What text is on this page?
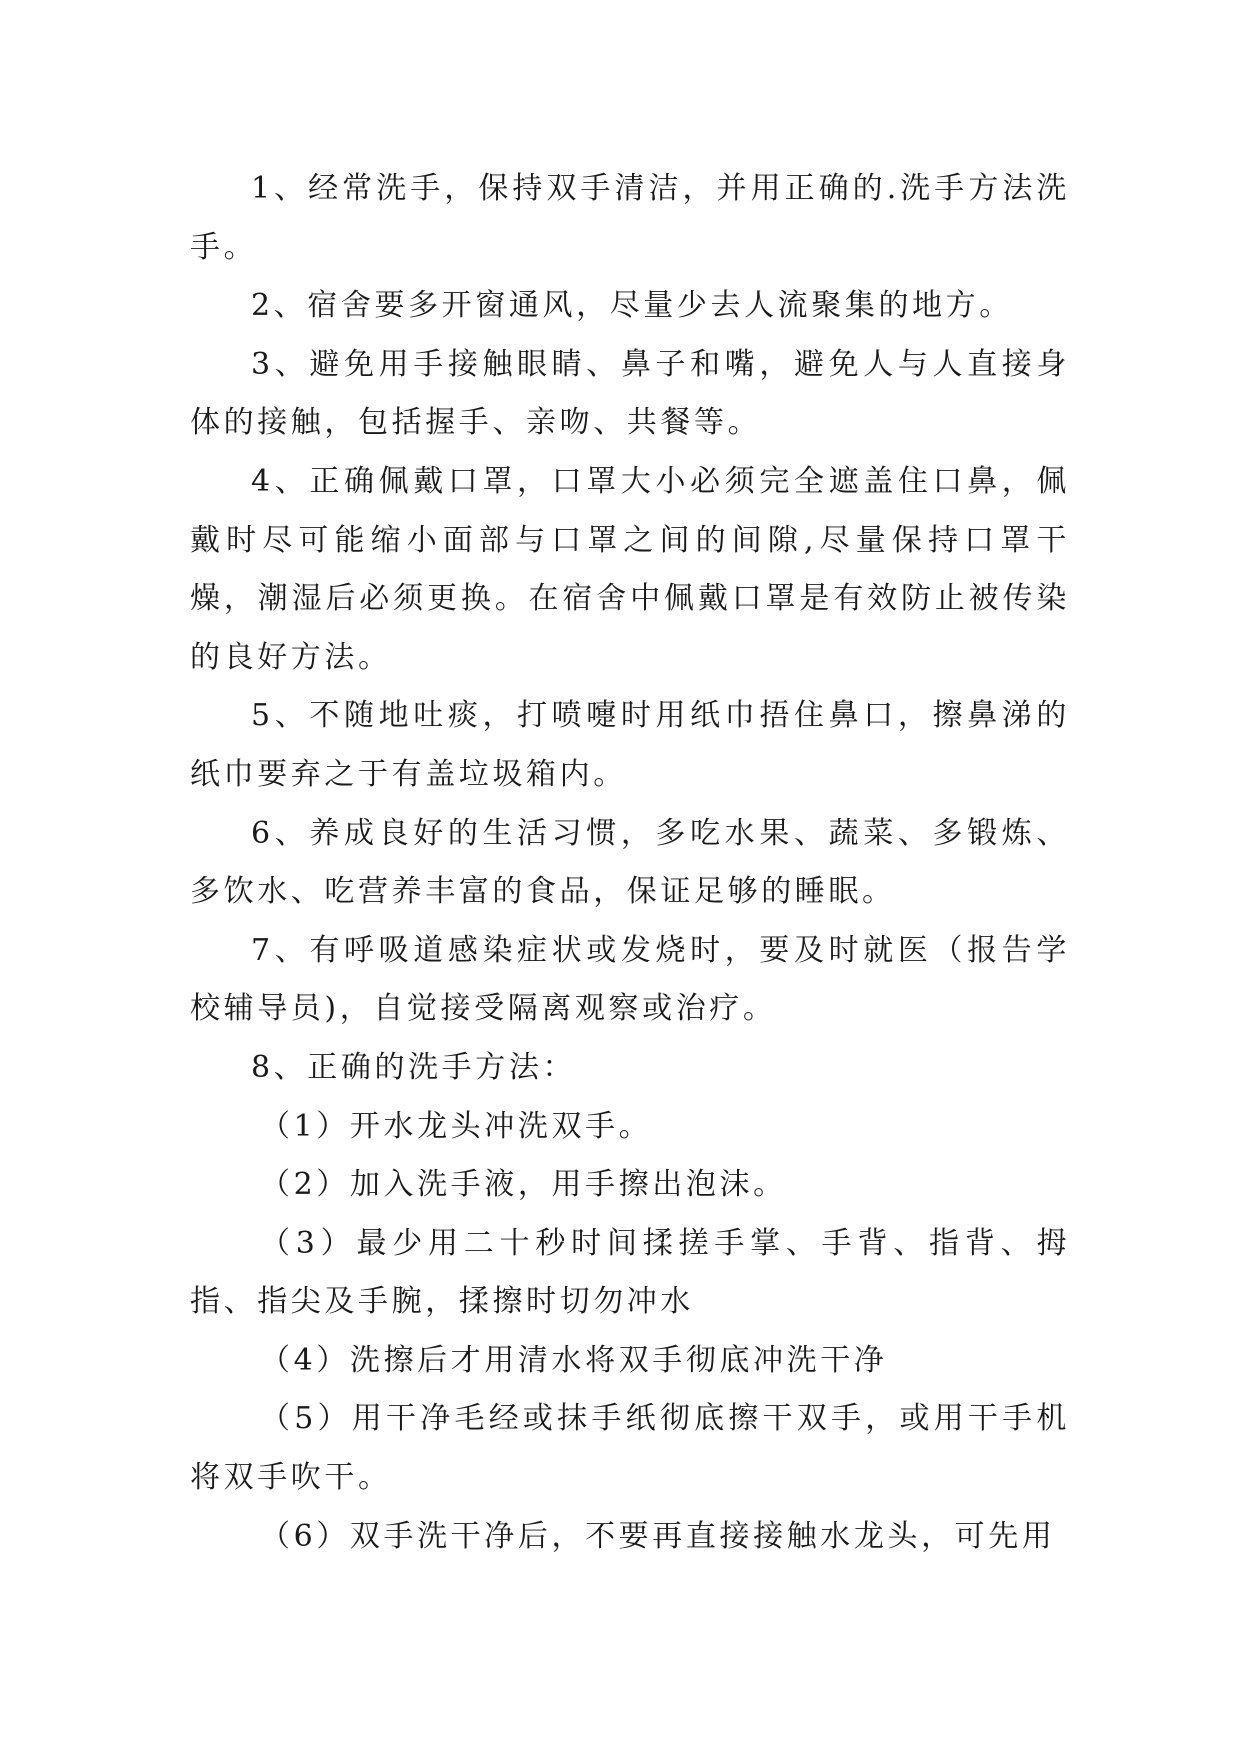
1、经常洗手，保持双手清洁，并用正确的.洗手方法洗手。

2、宿舍要多开窗通风，尽量少去人流聚集的地方。

3、避免用手接触眼睛、鼻子和嘴，避免人与人直接身体的接触，包括握手、亲吻、共餐等。

4、正确佩戴口罩，口罩大小必须完全遮盖住口鼻，佩戴时尽可能缩小面部与口罩之间的间隙,尽量保持口罩干燥，潮湿后必须更换。在宿舍中佩戴口罩是有效防止被传染的良好方法。

5、不随地吐痰，打喷嚏时用纸巾捂住鼻口，擦鼻涕的纸巾要弃之于有盖垃圾箱内。

6、养成良好的生活习惯，多吃水果、蔬菜、多锻炼、多饮水、吃营养丰富的食品，保证足够的睡眠。

7、有呼吸道感染症状或发烧时，要及时就医（报告学校辅导员)，自觉接受隔离观察或治疗。

8、正确的洗手方法：

（1）开水龙头冲洗双手。

（2）加入洗手液，用手擦出泡沫。

（3）最少用二十秒时间揉搓手掌、手背、指背、拇指、指尖及手腕，揉擦时切勿冲水

（4）洗擦后才用清水将双手彻底冲洗干净

（5）用干净毛经或抹手纸彻底擦干双手，或用干手机将双手吹干。

（6）双手洗干净后，不要再直接接触水龙头，可先用
